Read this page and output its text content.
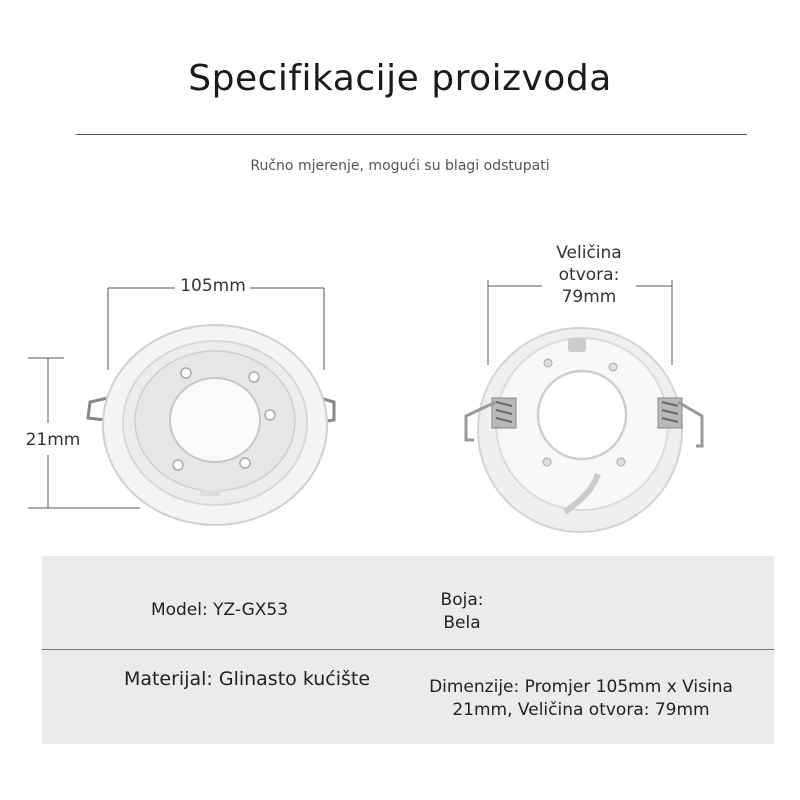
Specifikacije proizvoda
Ručno mjerenje, mogući su blagi odstupati
105mm
21mm
Veličina
otvora:
79mm
Model: YZ-GX53	Boja:
Bela
Materijal: Glinasto kućište	Dimenzije: Promjer 105mm x Visina
21mm, Veličina otvora: 79mm
